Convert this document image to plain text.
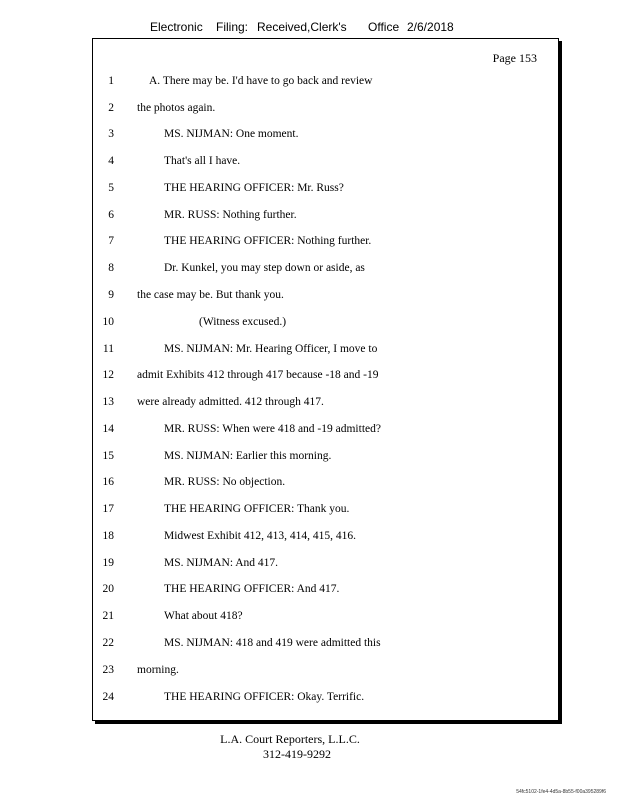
Electronic Filing: Received,Clerk's Office 2/6/2018
Page 153
1	A. There may be. I'd have to go back and review
2 the photos again.
3	MS. NIJMAN: One moment.
4	That's all I have.
5	THE HEARING OFFICER: Mr. Russ?
6	MR. RUSS: Nothing further.
7	THE HEARING OFFICER: Nothing further.
8	Dr. Kunkel, you may step down or aside, as
9 the case may be. But thank you.
10	(Witness excused.)
11	MS. NIJMAN: Mr. Hearing Officer, I move to
12 admit Exhibits 412 through 417 because -18 and -19
13 were already admitted. 412 through 417.
14	MR. RUSS: When were 418 and -19 admitted?
15	MS. NIJMAN: Earlier this morning.
16	MR. RUSS: No objection.
17	THE HEARING OFFICER: Thank you.
18	Midwest Exhibit 412, 413, 414, 415, 416.
19	MS. NIJMAN: And 417.
20	THE HEARING OFFICER: And 417.
21	What about 418?
22	MS. NIJMAN: 418 and 419 were admitted this
23 morning.
24	THE HEARING OFFICER: Okay. Terrific.
L.A. Court Reporters, L.L.C.
312-419-9292
54fc5102-1fe4-4d5a-8b55-f00a395289f6
